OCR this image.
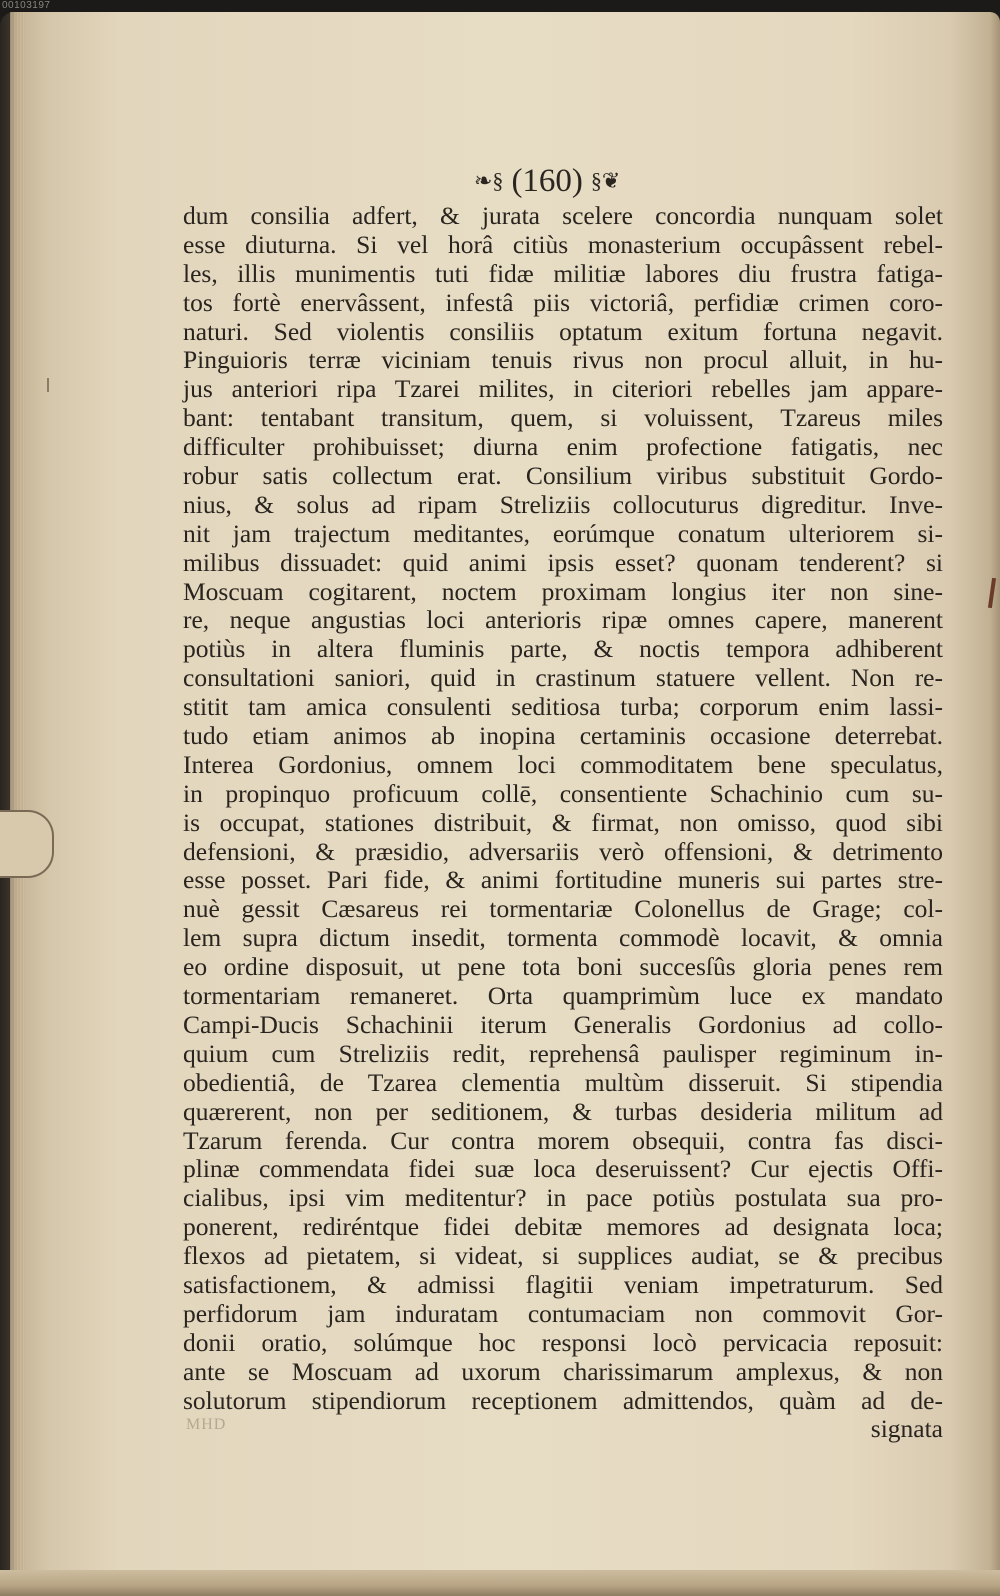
00103197
❧§ (160) §❦
dum consilia adfert, & jurata scelere concordia nunquam solet
esse diuturna. Si vel horâ citiùs monasterium occupâssent rebel-
les, illis munimentis tuti fidæ militiæ labores diu frustra fatiga-
tos fortè enervâssent, infestâ piis victoriâ, perfidiæ crimen coro-
naturi. Sed violentis consiliis optatum exitum fortuna negavit.
Pinguioris terræ viciniam tenuis rivus non procul alluit, in hu-
jus anteriori ripa Tzarei milites, in citeriori rebelles jam appare-
bant: tentabant transitum, quem, si voluissent, Tzareus miles
difficulter prohibuisset; diurna enim profectione fatigatis, nec
robur satis collectum erat. Consilium viribus substituit Gordo-
nius, & solus ad ripam Streliziis collocuturus digreditur. Inve-
nit jam trajectum meditantes, eorúmque conatum ulteriorem si-
milibus dissuadet: quid animi ipsis esset? quonam tenderent? si
Moscuam cogitarent, noctem proximam longius iter non sine-
re, neque angustias loci anterioris ripæ omnes capere, manerent
potiùs in altera fluminis parte, & noctis tempora adhiberent
consultationi saniori, quid in crastinum statuere vellent. Non re-
stitit tam amica consulenti seditiosa turba; corporum enim lassi-
tudo etiam animos ab inopina certaminis occasione deterrebat.
Interea Gordonius, omnem loci commoditatem bene speculatus,
in propinquo proficuum collē, consentiente Schachinio cum su-
is occupat, stationes distribuit, & firmat, non omisso, quod sibi
defensioni, & præsidio, adversariis verò offensioni, & detrimento
esse posset. Pari fide, & animi fortitudine muneris sui partes stre-
nuè gessit Cæsareus rei tormentariæ Colonellus de Grage; col-
lem supra dictum insedit, tormenta commodè locavit, & omnia
eo ordine disposuit, ut pene tota boni succesſûs gloria penes rem
tormentariam remaneret. Orta quamprimùm luce ex mandato
Campi-Ducis Schachinii iterum Generalis Gordonius ad collo-
quium cum Streliziis redit, reprehensâ paulisper regiminum in-
obedientiâ, de Tzarea clementia multùm disseruit. Si stipendia
quærerent, non per seditionem, & turbas desideria militum ad
Tzarum ferenda. Cur contra morem obsequii, contra fas disci-
plinæ commendata fidei suæ loca deseruissent? Cur ejectis Offi-
cialibus, ipsi vim meditentur? in pace potiùs postulata sua pro-
ponerent, rediréntque fidei debitæ memores ad designata loca;
flexos ad pietatem, si videat, si supplices audiat, se & precibus
satisfactionem, & admissi flagitii veniam impetraturum. Sed
perfidorum jam induratam contumaciam non commovit Gor-
donii oratio, solúmque hoc responsi locò pervicacia reposuit:
ante se Moscuam ad uxorum charissimarum amplexus, & non
solutorum stipendiorum receptionem admittendos, quàm ad de-
signata
MHD
